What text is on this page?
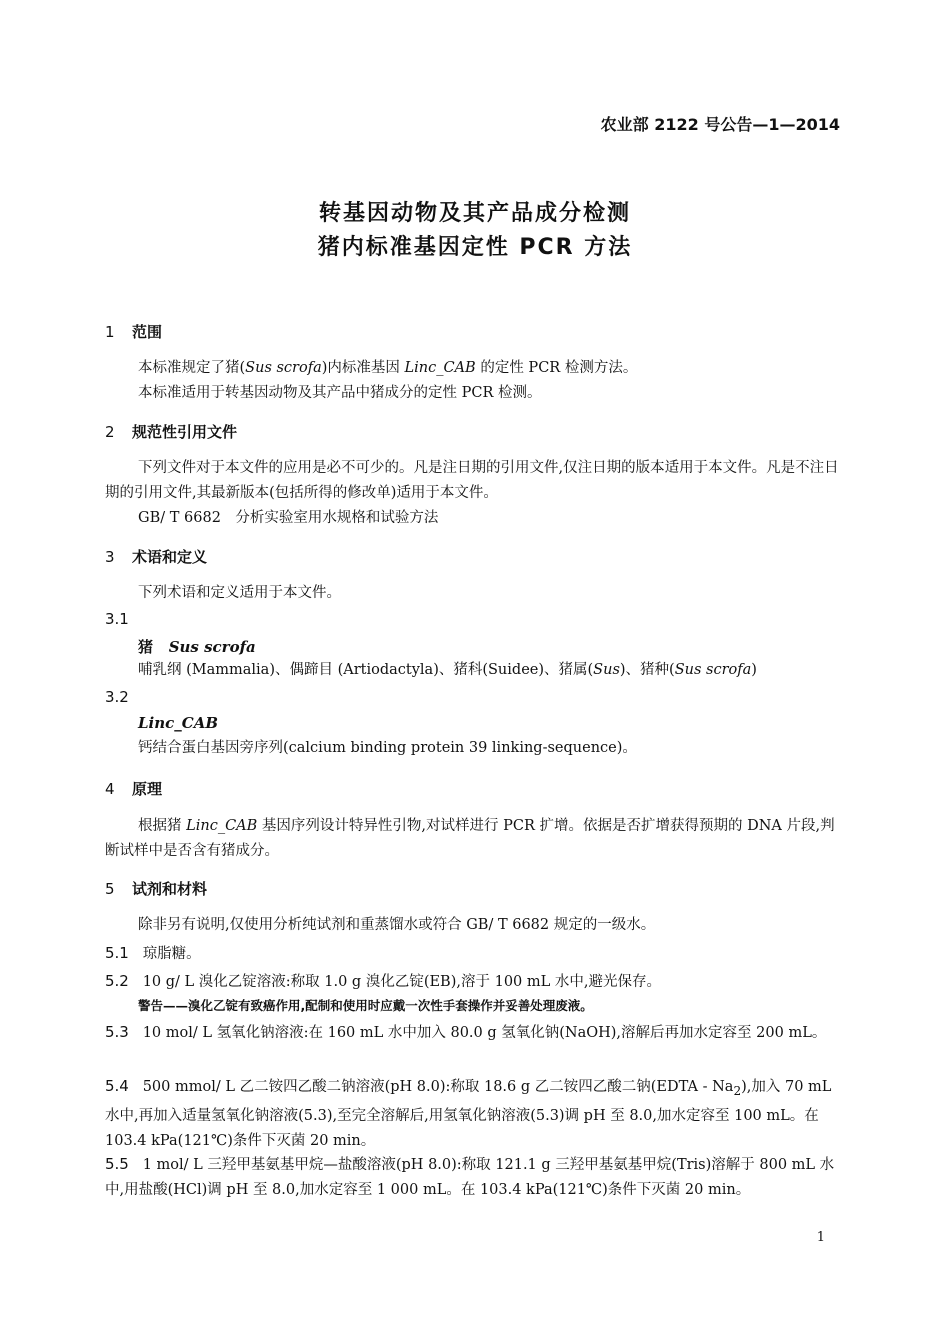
农业部 2122 号公告—1—2014
转基因动物及其产品成分检测
猪内标准基因定性 PCR 方法
1 范围
本标准规定了猪(Sus scrofa)内标准基因 Linc_CAB 的定性 PCR 检测方法。
本标准适用于转基因动物及其产品中猪成分的定性 PCR 检测。
2 规范性引用文件
下列文件对于本文件的应用是必不可少的。凡是注日期的引用文件,仅注日期的版本适用于本文件。凡是不注日期的引用文件,其最新版本(包括所得的修改单)适用于本文件。
GB/ T 6682　分析实验室用水规格和试验方法
3 术语和定义
下列术语和定义适用于本文件。
3.1
猪 Sus scrofa
哺乳纲 (Mammalia)、偶蹄目 (Artiodactyla)、猪科(Suidee)、猪属(Sus)、猪种(Sus scrofa)
3.2
Linc_CAB
钙结合蛋白基因旁序列(calcium binding protein 39 linking-sequence)。
4 原理
根据猪 Linc_CAB 基因序列设计特异性引物,对试样进行 PCR 扩增。依据是否扩增获得预期的 DNA 片段,判断试样中是否含有猪成分。
5 试剂和材料
除非另有说明,仅使用分析纯试剂和重蒸馏水或符合 GB/ T 6682 规定的一级水。
5.1 琼脂糖。
5.2 10 g/ L 溴化乙锭溶液:称取 1.0 g 溴化乙锭(EB),溶于 100 mL 水中,避光保存。
警告——溴化乙锭有致癌作用,配制和使用时应戴一次性手套操作并妥善处理废液。
5.3 10 mol/ L 氢氧化钠溶液:在 160 mL 水中加入 80.0 g 氢氧化钠(NaOH),溶解后再加水定容至 200 mL。
5.4 500 mmol/ L 乙二铵四乙酸二钠溶液(pH 8.0):称取 18.6 g 乙二铵四乙酸二钠(EDTA - $Na_2$),加入 70 mL 水中,再加入适量氢氧化钠溶液(5.3),至完全溶解后,用氢氧化钠溶液(5.3)调 pH 至 8.0,加水定容至 100 mL。在 103.4 kPa(121℃)条件下灭菌 20 min。
5.5 1 mol/ L 三羟甲基氨基甲烷—盐酸溶液(pH 8.0):称取 121.1 g 三羟甲基氨基甲烷(Tris)溶解于 800 mL 水中,用盐酸(HCl)调 pH 至 8.0,加水定容至 1 000 mL。在 103.4 kPa(121℃)条件下灭菌 20 min。
1
